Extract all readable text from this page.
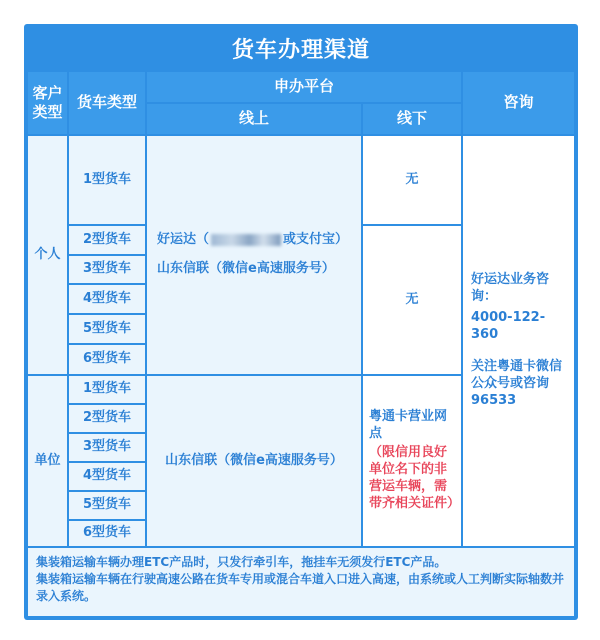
货车办理渠道
客户类型
货车类型
申办平台
线上	线下
咨询
个人
1型货车
2型货车
3型货车
4型货车
5型货车
6型货车
好运达（	或支付宝）
山东信联（微信e高速服务号）
无
无
好运达业务咨询：
4000-122-360
关注粤通卡微信公众号或咨询96533
单位
1型货车
2型货车
3型货车
4型货车
5型货车
6型货车
山东信联（微信e高速服务号）
粤通卡营业网点
（限信用良好单位名下的非营运车辆，需带齐相关证件）

集装箱运输车辆办理ETC产品时，只发行牵引车，拖挂车无须发行ETC产品。

集装箱运输车辆在行驶高速公路在货车专用或混合车道入口进入高速，由系统或人工判断实际轴数并录入系统。
